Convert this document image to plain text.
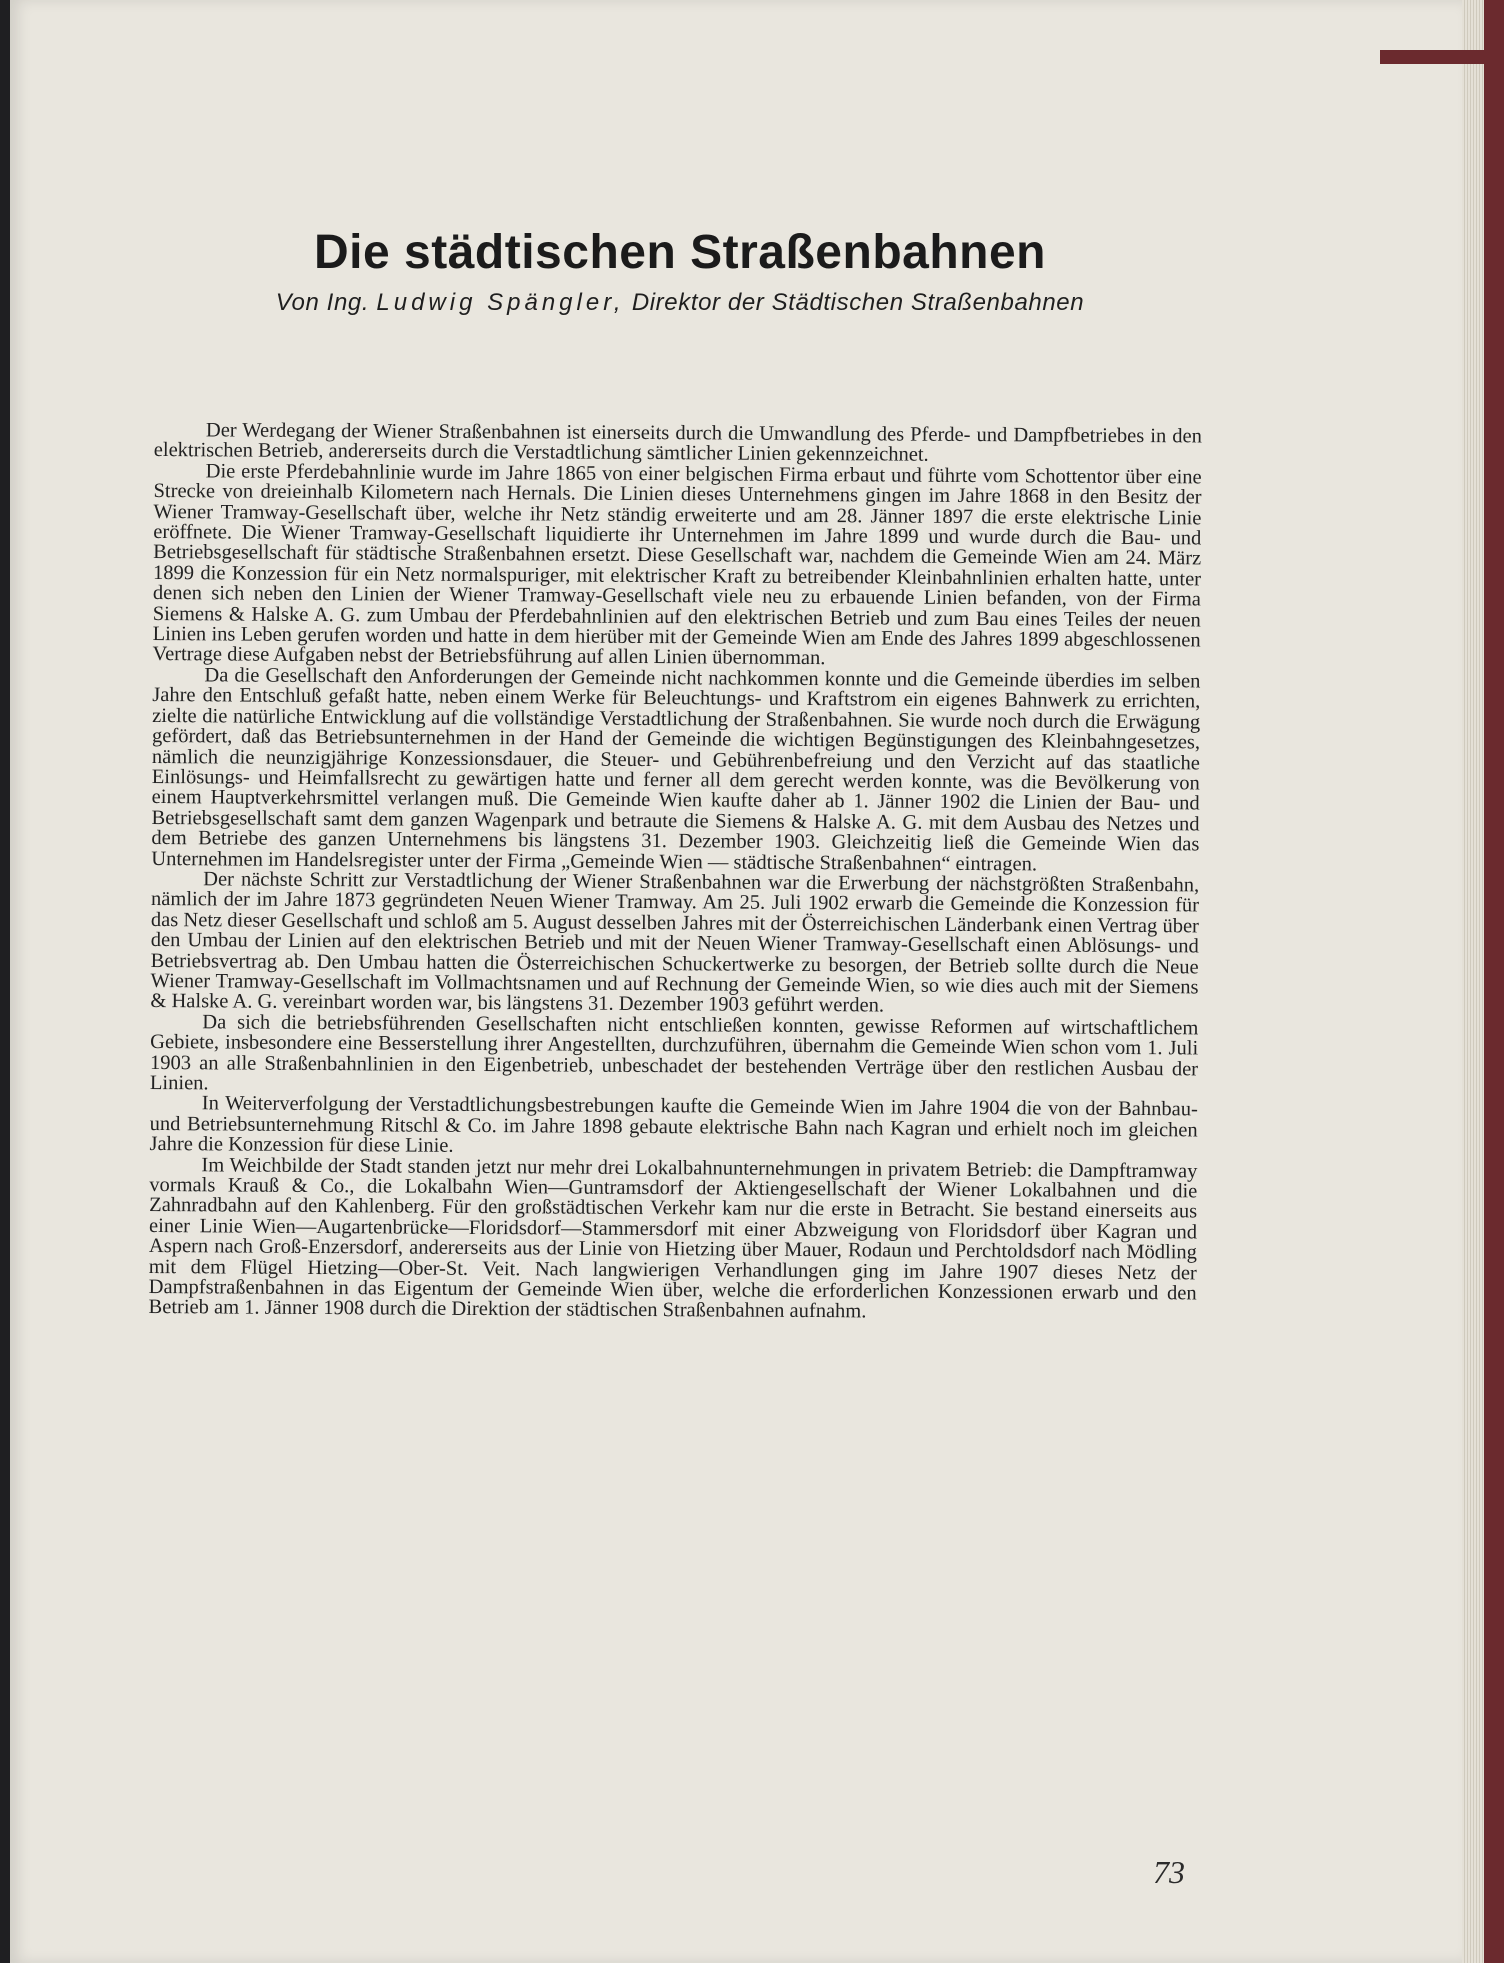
Die städtischen Straßenbahnen
Von Ing. Ludwig Spängler, Direktor der Städtischen Straßenbahnen

Der Werdegang der Wiener Straßenbahnen ist einerseits durch die Umwandlung des Pferde- und Dampfbetriebes in den elektrischen Betrieb, andererseits durch die Verstadtlichung sämtlicher Linien gekennzeichnet.

Die erste Pferdebahnlinie wurde im Jahre 1865 von einer belgischen Firma erbaut und führte vom Schottentor über eine Strecke von dreieinhalb Kilometern nach Hernals. Die Linien dieses Unternehmens gingen im Jahre 1868 in den Besitz der Wiener Tramway-Gesellschaft über, welche ihr Netz ständig erweiterte und am 28. Jänner 1897 die erste elektrische Linie eröffnete. Die Wiener Tramway-Gesellschaft liquidierte ihr Unternehmen im Jahre 1899 und wurde durch die Bau- und Betriebsgesellschaft für städtische Straßenbahnen ersetzt. Diese Gesellschaft war, nachdem die Gemeinde Wien am 24. März 1899 die Konzession für ein Netz normalspuriger, mit elektrischer Kraft zu betreibender Kleinbahnlinien erhalten hatte, unter denen sich neben den Linien der Wiener Tramway-Gesellschaft viele neu zu erbauende Linien befanden, von der Firma Siemens & Halske A. G. zum Umbau der Pferdebahnlinien auf den elektrischen Betrieb und zum Bau eines Teiles der neuen Linien ins Leben gerufen worden und hatte in dem hierüber mit der Gemeinde Wien am Ende des Jahres 1899 abgeschlossenen Vertrage diese Aufgaben nebst der Betriebsführung auf allen Linien übernomman.

Da die Gesellschaft den Anforderungen der Gemeinde nicht nachkommen konnte und die Gemeinde überdies im selben Jahre den Entschluß gefaßt hatte, neben einem Werke für Beleuchtungs- und Kraftstrom ein eigenes Bahnwerk zu errichten, zielte die natürliche Entwicklung auf die vollständige Verstadtlichung der Straßenbahnen. Sie wurde noch durch die Erwägung gefördert, daß das Betriebsunternehmen in der Hand der Gemeinde die wichtigen Begünstigungen des Kleinbahngesetzes, nämlich die neunzigjährige Konzessionsdauer, die Steuer- und Gebührenbefreiung und den Verzicht auf das staatliche Einlösungs- und Heimfallsrecht zu gewärtigen hatte und ferner all dem gerecht werden konnte, was die Bevölkerung von einem Hauptverkehrsmittel verlangen muß. Die Gemeinde Wien kaufte daher ab 1. Jänner 1902 die Linien der Bau- und Betriebsgesellschaft samt dem ganzen Wagenpark und betraute die Siemens & Halske A. G. mit dem Ausbau des Netzes und dem Betriebe des ganzen Unternehmens bis längstens 31. Dezember 1903. Gleichzeitig ließ die Gemeinde Wien das Unternehmen im Handelsregister unter der Firma „Gemeinde Wien — städtische Straßenbahnen“ eintragen.

Der nächste Schritt zur Verstadtlichung der Wiener Straßenbahnen war die Erwerbung der nächstgrößten Straßenbahn, nämlich der im Jahre 1873 gegründeten Neuen Wiener Tramway. Am 25. Juli 1902 erwarb die Gemeinde die Konzession für das Netz dieser Gesellschaft und schloß am 5. August desselben Jahres mit der Österreichischen Länderbank einen Vertrag über den Umbau der Linien auf den elektrischen Betrieb und mit der Neuen Wiener Tramway-Gesellschaft einen Ablösungs- und Betriebsvertrag ab. Den Umbau hatten die Österreichischen Schuckertwerke zu besorgen, der Betrieb sollte durch die Neue Wiener Tramway-Gesellschaft im Vollmachtsnamen und auf Rechnung der Gemeinde Wien, so wie dies auch mit der Siemens & Halske A. G. vereinbart worden war, bis längstens 31. Dezember 1903 geführt werden.

Da sich die betriebsführenden Gesellschaften nicht entschließen konnten, gewisse Reformen auf wirtschaftlichem Gebiete, insbesondere eine Besserstellung ihrer Angestellten, durchzuführen, übernahm die Gemeinde Wien schon vom 1. Juli 1903 an alle Straßenbahnlinien in den Eigenbetrieb, unbeschadet der bestehenden Verträge über den restlichen Ausbau der Linien.

In Weiterverfolgung der Verstadtlichungsbestrebungen kaufte die Gemeinde Wien im Jahre 1904 die von der Bahnbau- und Betriebsunternehmung Ritschl & Co. im Jahre 1898 gebaute elektrische Bahn nach Kagran und erhielt noch im gleichen Jahre die Konzession für diese Linie.

Im Weichbilde der Stadt standen jetzt nur mehr drei Lokalbahnunternehmungen in privatem Betrieb: die Dampftramway vormals Krauß & Co., die Lokalbahn Wien—Guntramsdorf der Aktiengesellschaft der Wiener Lokalbahnen und die Zahnradbahn auf den Kahlenberg. Für den großstädtischen Verkehr kam nur die erste in Betracht. Sie bestand einerseits aus einer Linie Wien—Augartenbrücke—Floridsdorf—Stammersdorf mit einer Abzweigung von Floridsdorf über Kagran und Aspern nach Groß-Enzersdorf, andererseits aus der Linie von Hietzing über Mauer, Rodaun und Perchtoldsdorf nach Mödling mit dem Flügel Hietzing—Ober-St. Veit. Nach langwierigen Verhandlungen ging im Jahre 1907 dieses Netz der Dampfstraßenbahnen in das Eigentum der Gemeinde Wien über, welche die erforderlichen Konzessionen erwarb und den Betrieb am 1. Jänner 1908 durch die Direktion der städtischen Straßenbahnen aufnahm.

73
